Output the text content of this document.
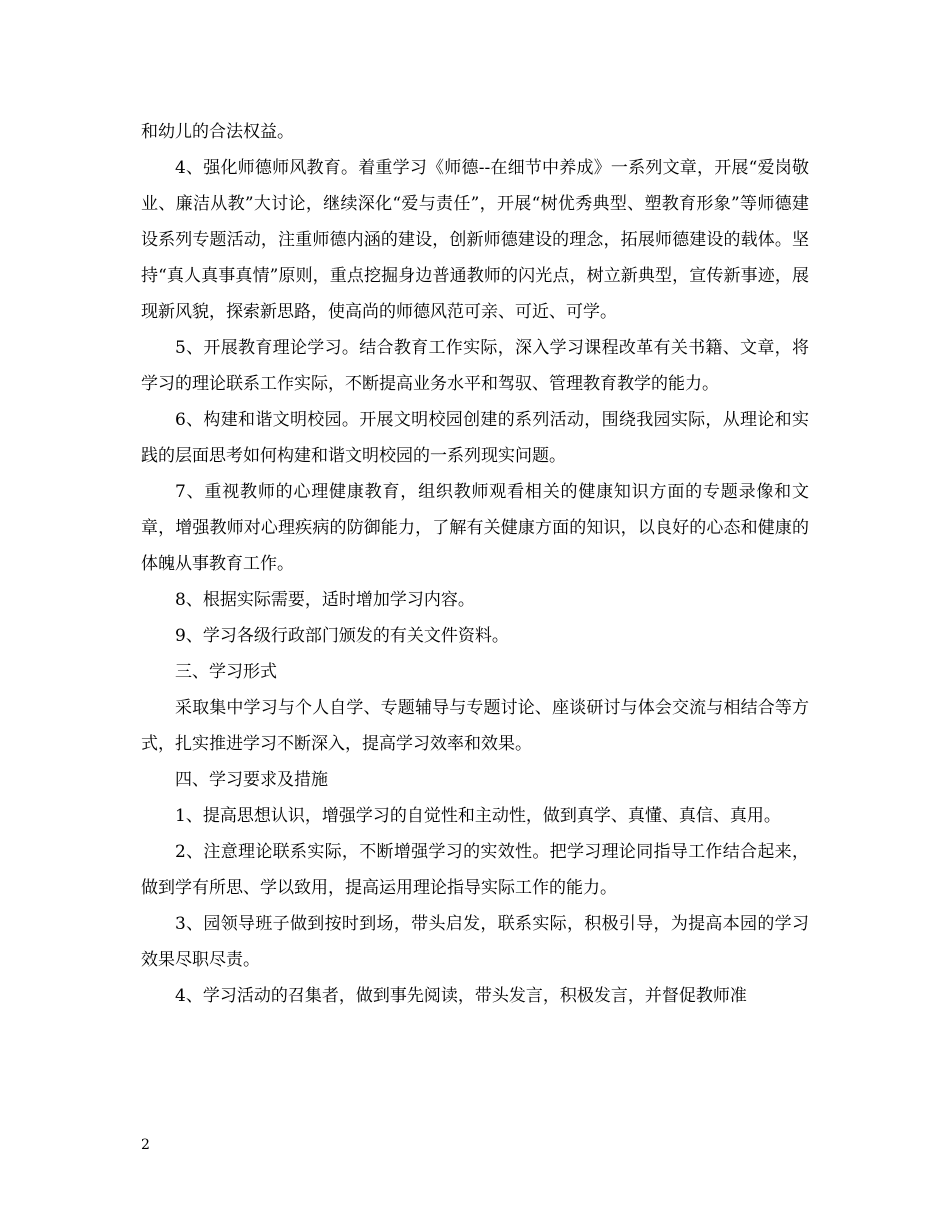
和幼儿的合法权益。

4、强化师德师风教育。着重学习《师德--在细节中养成》一系列文章，开展“爱岗敬业、廉洁从教”大讨论，继续深化“爱与责任”，开展“树优秀典型、塑教育形象”等师德建设系列专题活动，注重师德内涵的建设，创新师德建设的理念，拓展师德建设的载体。坚持“真人真事真情”原则，重点挖掘身边普通教师的闪光点，树立新典型，宣传新事迹，展现新风貌，探索新思路，使高尚的师德风范可亲、可近、可学。

5、开展教育理论学习。结合教育工作实际，深入学习课程改革有关书籍、文章，将学习的理论联系工作实际，不断提高业务水平和驾驭、管理教育教学的能力。

6、构建和谐文明校园。开展文明校园创建的系列活动，围绕我园实际，从理论和实践的层面思考如何构建和谐文明校园的一系列现实问题。

7、重视教师的心理健康教育，组织教师观看相关的健康知识方面的专题录像和文章，增强教师对心理疾病的防御能力，了解有关健康方面的知识，以良好的心态和健康的体魄从事教育工作。

8、根据实际需要，适时增加学习内容。

9、学习各级行政部门颁发的有关文件资料。

三、学习形式

采取集中学习与个人自学、专题辅导与专题讨论、座谈研讨与体会交流与相结合等方式，扎实推进学习不断深入，提高学习效率和效果。

四、学习要求及措施

1、提高思想认识，增强学习的自觉性和主动性，做到真学、真懂、真信、真用。

2、注意理论联系实际，不断增强学习的实效性。把学习理论同指导工作结合起来，做到学有所思、学以致用，提高运用理论指导实际工作的能力。

3、园领导班子做到按时到场，带头启发，联系实际，积极引导，为提高本园的学习效果尽职尽责。

4、学习活动的召集者，做到事先阅读，带头发言，积极发言，并督促教师准

2
